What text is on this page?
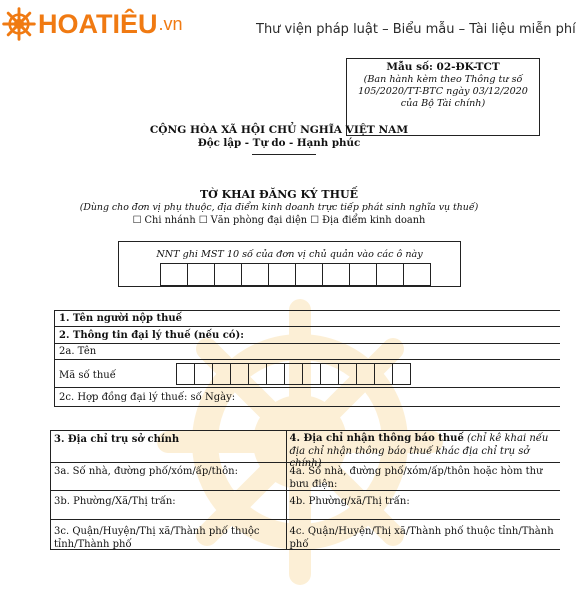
HOATIÊU .vn	Thư viện pháp luật – Biểu mẫu – Tài liệu miễn phí
Mẫu số: 02-ĐK-TCT
(Ban hành kèm theo Thông tư số 105/2020/TT-BTC ngày 03/12/2020 của Bộ Tài chính)
CỘNG HÒA XÃ HỘI CHỦ NGHĨA VIỆT NAM
Độc lập - Tự do - Hạnh phúc
TỜ KHAI ĐĂNG KÝ THUẾ
(Dùng cho đơn vị phụ thuộc, địa điểm kinh doanh trực tiếp phát sinh nghĩa vụ thuế)
☐ Chi nhánh ☐ Văn phòng đại diện ☐ Địa điểm kinh doanh
NNT ghi MST 10 số của đơn vị chủ quản vào các ô này
1. Tên người nộp thuế
2. Thông tin đại lý thuế (nếu có):
2a. Tên
Mã số thuế
2c. Hợp đồng đại lý thuế: số Ngày:
3. Địa chỉ trụ sở chính
3a. Số nhà, đường phố/xóm/ấp/thôn:
3b. Phường/Xã/Thị trấn:
3c. Quận/Huyện/Thị xã/Thành phố thuộc tỉnh/Thành phố
4. Địa chỉ nhận thông báo thuế (chỉ kê khai nếu địa chỉ nhận thông báo thuế khác địa chỉ trụ sở chính)
4a. Số nhà, đường phố/xóm/ấp/thôn hoặc hòm thư bưu điện:
4b. Phường/xã/Thị trấn:
4c. Quận/Huyện/Thị xã/Thành phố thuộc tỉnh/Thành phố
